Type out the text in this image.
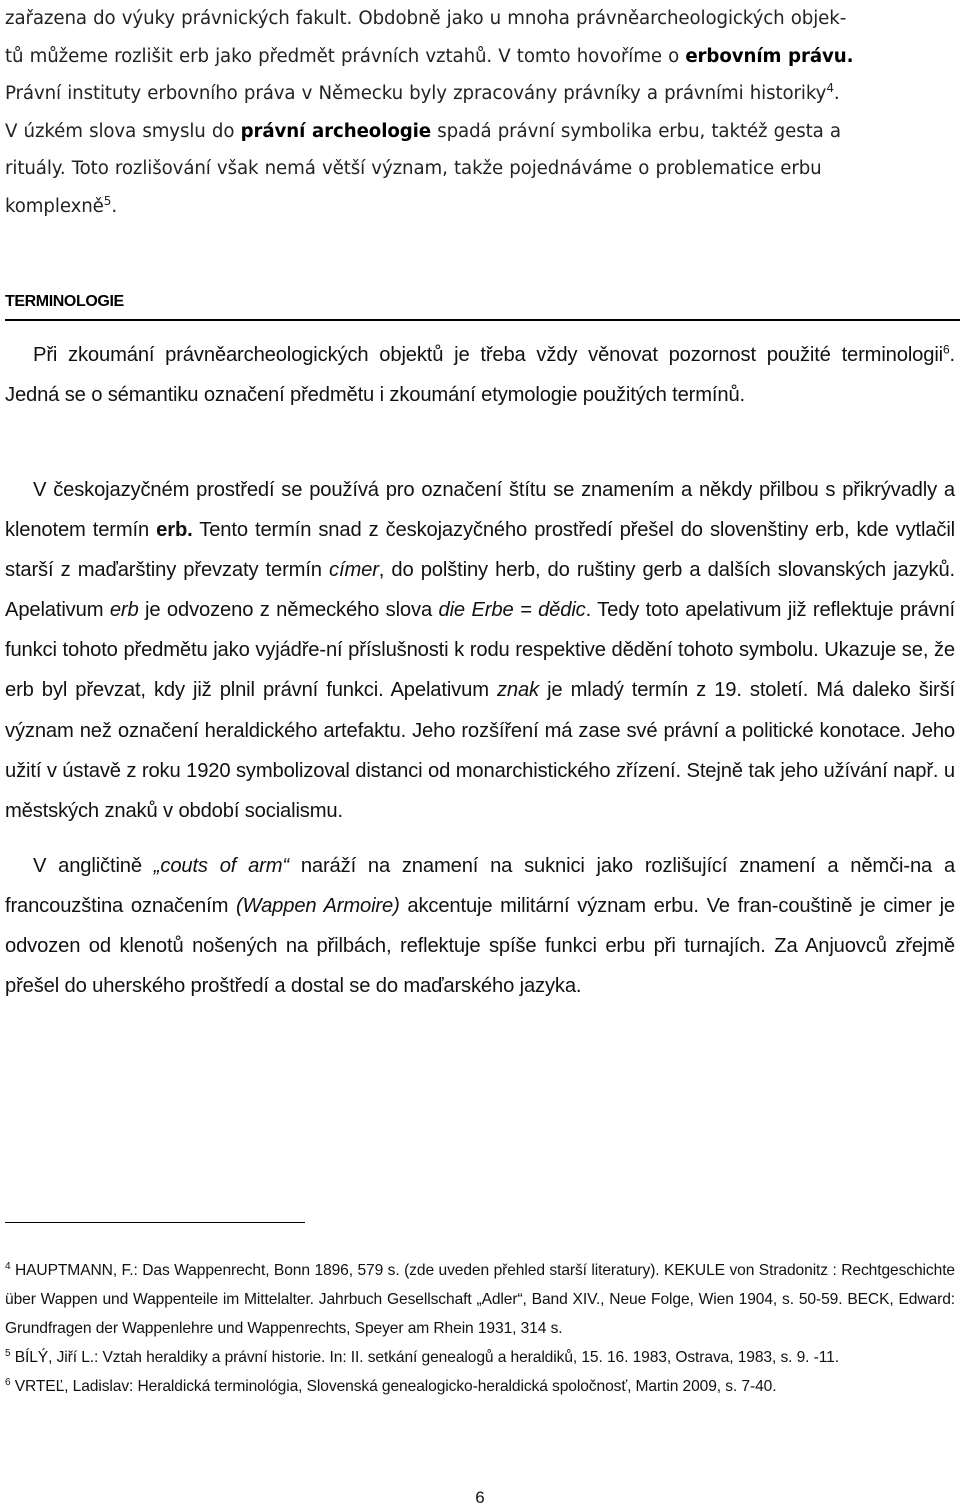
zařazena do výuky právnických fakult. Obdobně jako u mnoha právněarcheologických objek-
tů můžeme rozlišit erb jako předmět právních vztahů. V tomto hovoříme o erbovním právu.
Právní instituty erbovního práva v Německu byly zpracovány právníky a právními historiky$^4$.
V úzkém slova smyslu do právní archeologie spadá právní symbolika erbu, taktéž gesta a
rituály. Toto rozlišování však nemá větší význam, takže pojednáváme o problematice erbu
komplexně$^5$.
TERMINOLOGIE

Při zkoumání právněarcheologických objektů je třeba vždy věnovat pozornost použité terminologii$^6$. Jedná se o sémantiku označení předmětu i zkoumání etymologie použitých termínů.

V českojazyčném prostředí se používá pro označení štítu se znamením a někdy přilbou s přikrývadly a klenotem termín erb. Tento termín snad z českojazyčného prostředí přešel do slovenštiny erb, kde vytlačil starší z maďarštiny převzaty termín címer, do polštiny herb, do ruštiny gerb a dalších slovanských jazyků. Apelativum erb je odvozeno z německého slova die Erbe = dědic. Tedy toto apelativum již reflektuje právní funkci tohoto předmětu jako vyjádře-ní příslušnosti k rodu respektive dědění tohoto symbolu. Ukazuje se, že erb byl převzat, kdy již plnil právní funkci. Apelativum znak je mladý termín z 19. století. Má daleko širší význam než označení heraldického artefaktu. Jeho rozšíření má zase své právní a politické konotace. Jeho užití v ústavě z roku 1920 symbolizoval distanci od monarchistického zřízení. Stejně tak jeho užívání např. u městských znaků v období socialismu.

V angličtině „couts of arm“ naráží na znamení na suknici jako rozlišující znamení a němči-na a francouzština označením (Wappen Armoire) akcentuje militární význam erbu. Ve fran-couštině je cimer je odvozen od klenotů nošených na přilbách, reflektuje spíše funkci erbu při turnajích. Za Anjuovců zřejmě přešel do uherského proštředí a dostal se do maďarského jazyka.

$^4$ HAUPTMANN, F.: Das Wappenrecht, Bonn 1896, 579 s. (zde uveden přehled starší literatury). KEKULE von Stradonitz : Rechtgeschichte über Wappen und Wappenteile im Mittelalter. Jahrbuch Gesellschaft „Adler“, Band XIV., Neue Folge, Wien 1904, s. 50-59. BECK, Edward: Grundfragen der Wappenlehre und Wappenrechts, Speyer am Rhein 1931, 314 s.

$^5$ BÍLÝ, Jiří L.: Vztah heraldiky a právní historie. In: II. setkání genealogů a heraldiků, 15. 16. 1983, Ostrava, 1983, s. 9. -11.

$^6$ VRTEĽ, Ladislav: Heraldická terminológia, Slovenská genealogicko-heraldická spoločnosť, Martin 2009, s. 7-40.

6
